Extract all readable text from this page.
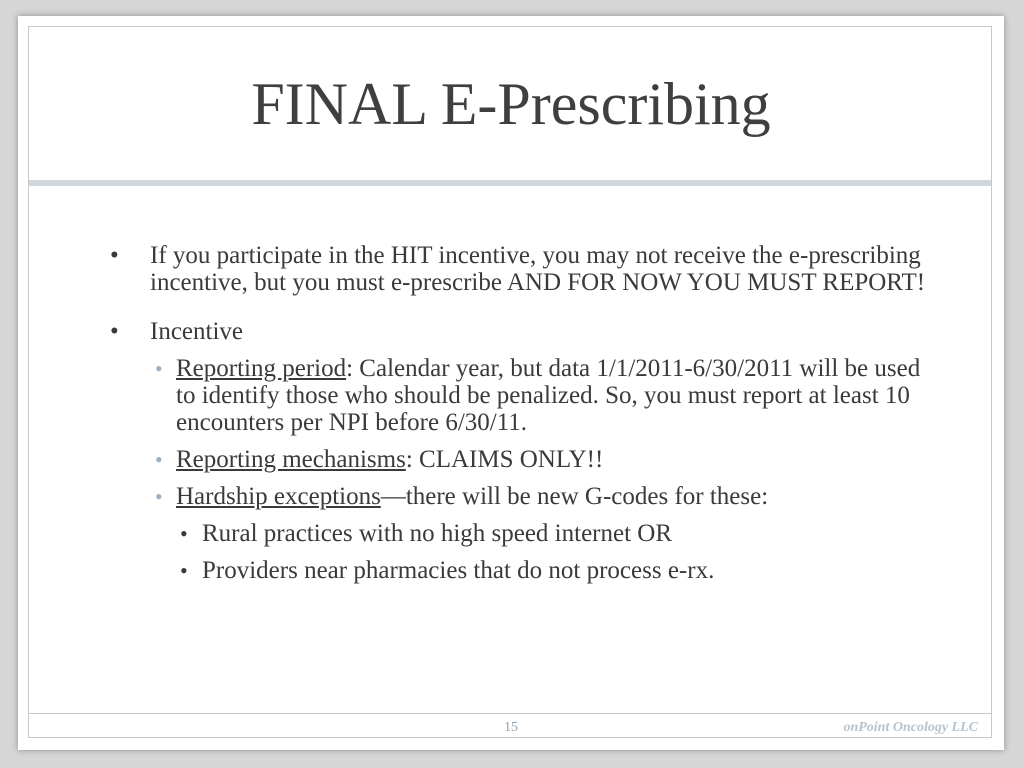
FINAL E-Prescribing
• If you participate in the HIT incentive, you may not receive the e-prescribing incentive, but you must e-prescribe AND FOR NOW YOU MUST REPORT!
• Incentive
• Reporting period: Calendar year, but data 1/1/2011-6/30/2011 will be used to identify those who should be penalized. So, you must report at least 10 encounters per NPI before 6/30/11.
• Reporting mechanisms: CLAIMS ONLY!!
• Hardship exceptions—there will be new G-codes for these:
• Rural practices with no high speed internet OR
• Providers near pharmacies that do not process e-rx.
15	onPoint Oncology LLC
